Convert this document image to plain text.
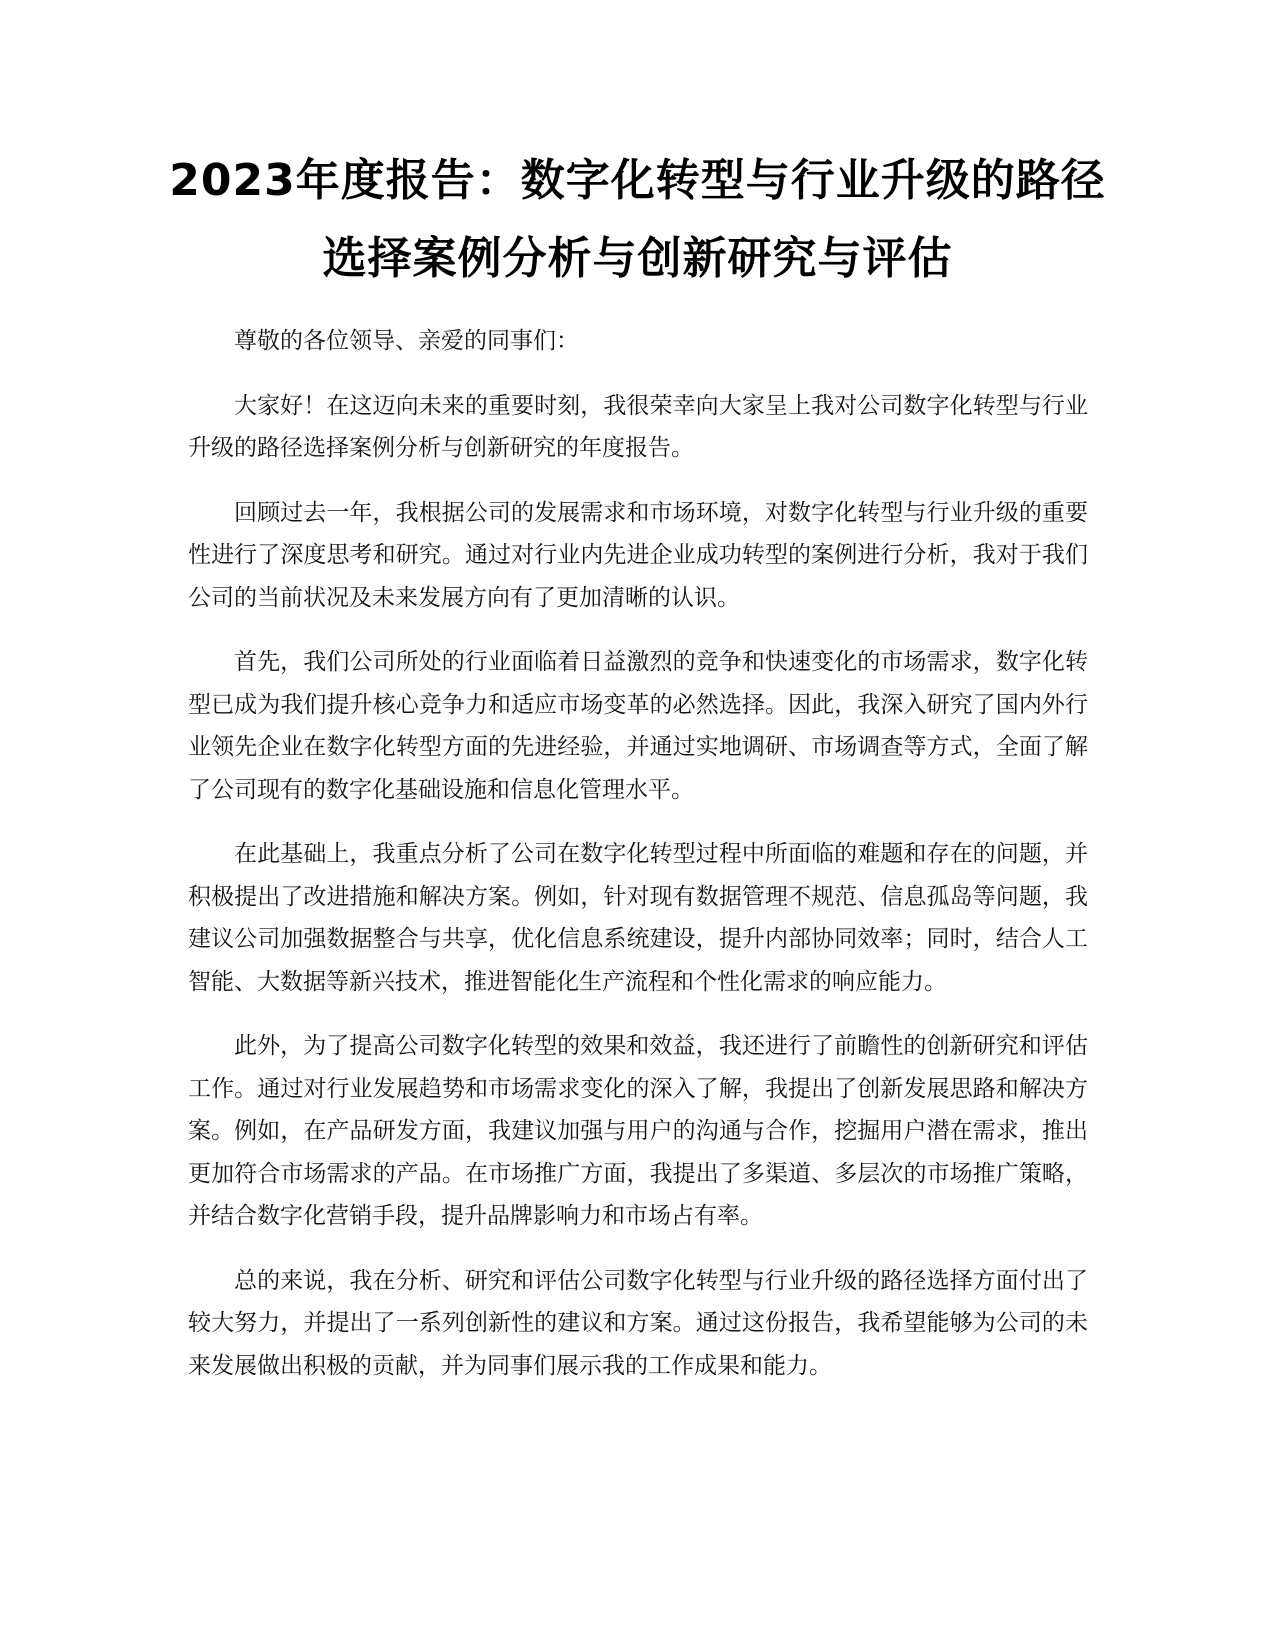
2023年度报告：数字化转型与行业升级的路径选择案例分析与创新研究与评估

尊敬的各位领导、亲爱的同事们：

大家好！在这迈向未来的重要时刻，我很荣幸向大家呈上我对公司数字化转型与行业升级的路径选择案例分析与创新研究的年度报告。

回顾过去一年，我根据公司的发展需求和市场环境，对数字化转型与行业升级的重要性进行了深度思考和研究。通过对行业内先进企业成功转型的案例进行分析，我对于我们公司的当前状况及未来发展方向有了更加清晰的认识。

首先，我们公司所处的行业面临着日益激烈的竞争和快速变化的市场需求，数字化转型已成为我们提升核心竞争力和适应市场变革的必然选择。因此，我深入研究了国内外行业领先企业在数字化转型方面的先进经验，并通过实地调研、市场调查等方式，全面了解了公司现有的数字化基础设施和信息化管理水平。

在此基础上，我重点分析了公司在数字化转型过程中所面临的难题和存在的问题，并积极提出了改进措施和解决方案。例如，针对现有数据管理不规范、信息孤岛等问题，我建议公司加强数据整合与共享，优化信息系统建设，提升内部协同效率；同时，结合人工智能、大数据等新兴技术，推进智能化生产流程和个性化需求的响应能力。

此外，为了提高公司数字化转型的效果和效益，我还进行了前瞻性的创新研究和评估工作。通过对行业发展趋势和市场需求变化的深入了解，我提出了创新发展思路和解决方案。例如，在产品研发方面，我建议加强与用户的沟通与合作，挖掘用户潜在需求，推出更加符合市场需求的产品。在市场推广方面，我提出了多渠道、多层次的市场推广策略，并结合数字化营销手段，提升品牌影响力和市场占有率。

总的来说，我在分析、研究和评估公司数字化转型与行业升级的路径选择方面付出了较大努力，并提出了一系列创新性的建议和方案。通过这份报告，我希望能够为公司的未来发展做出积极的贡献，并为同事们展示我的工作成果和能力。
